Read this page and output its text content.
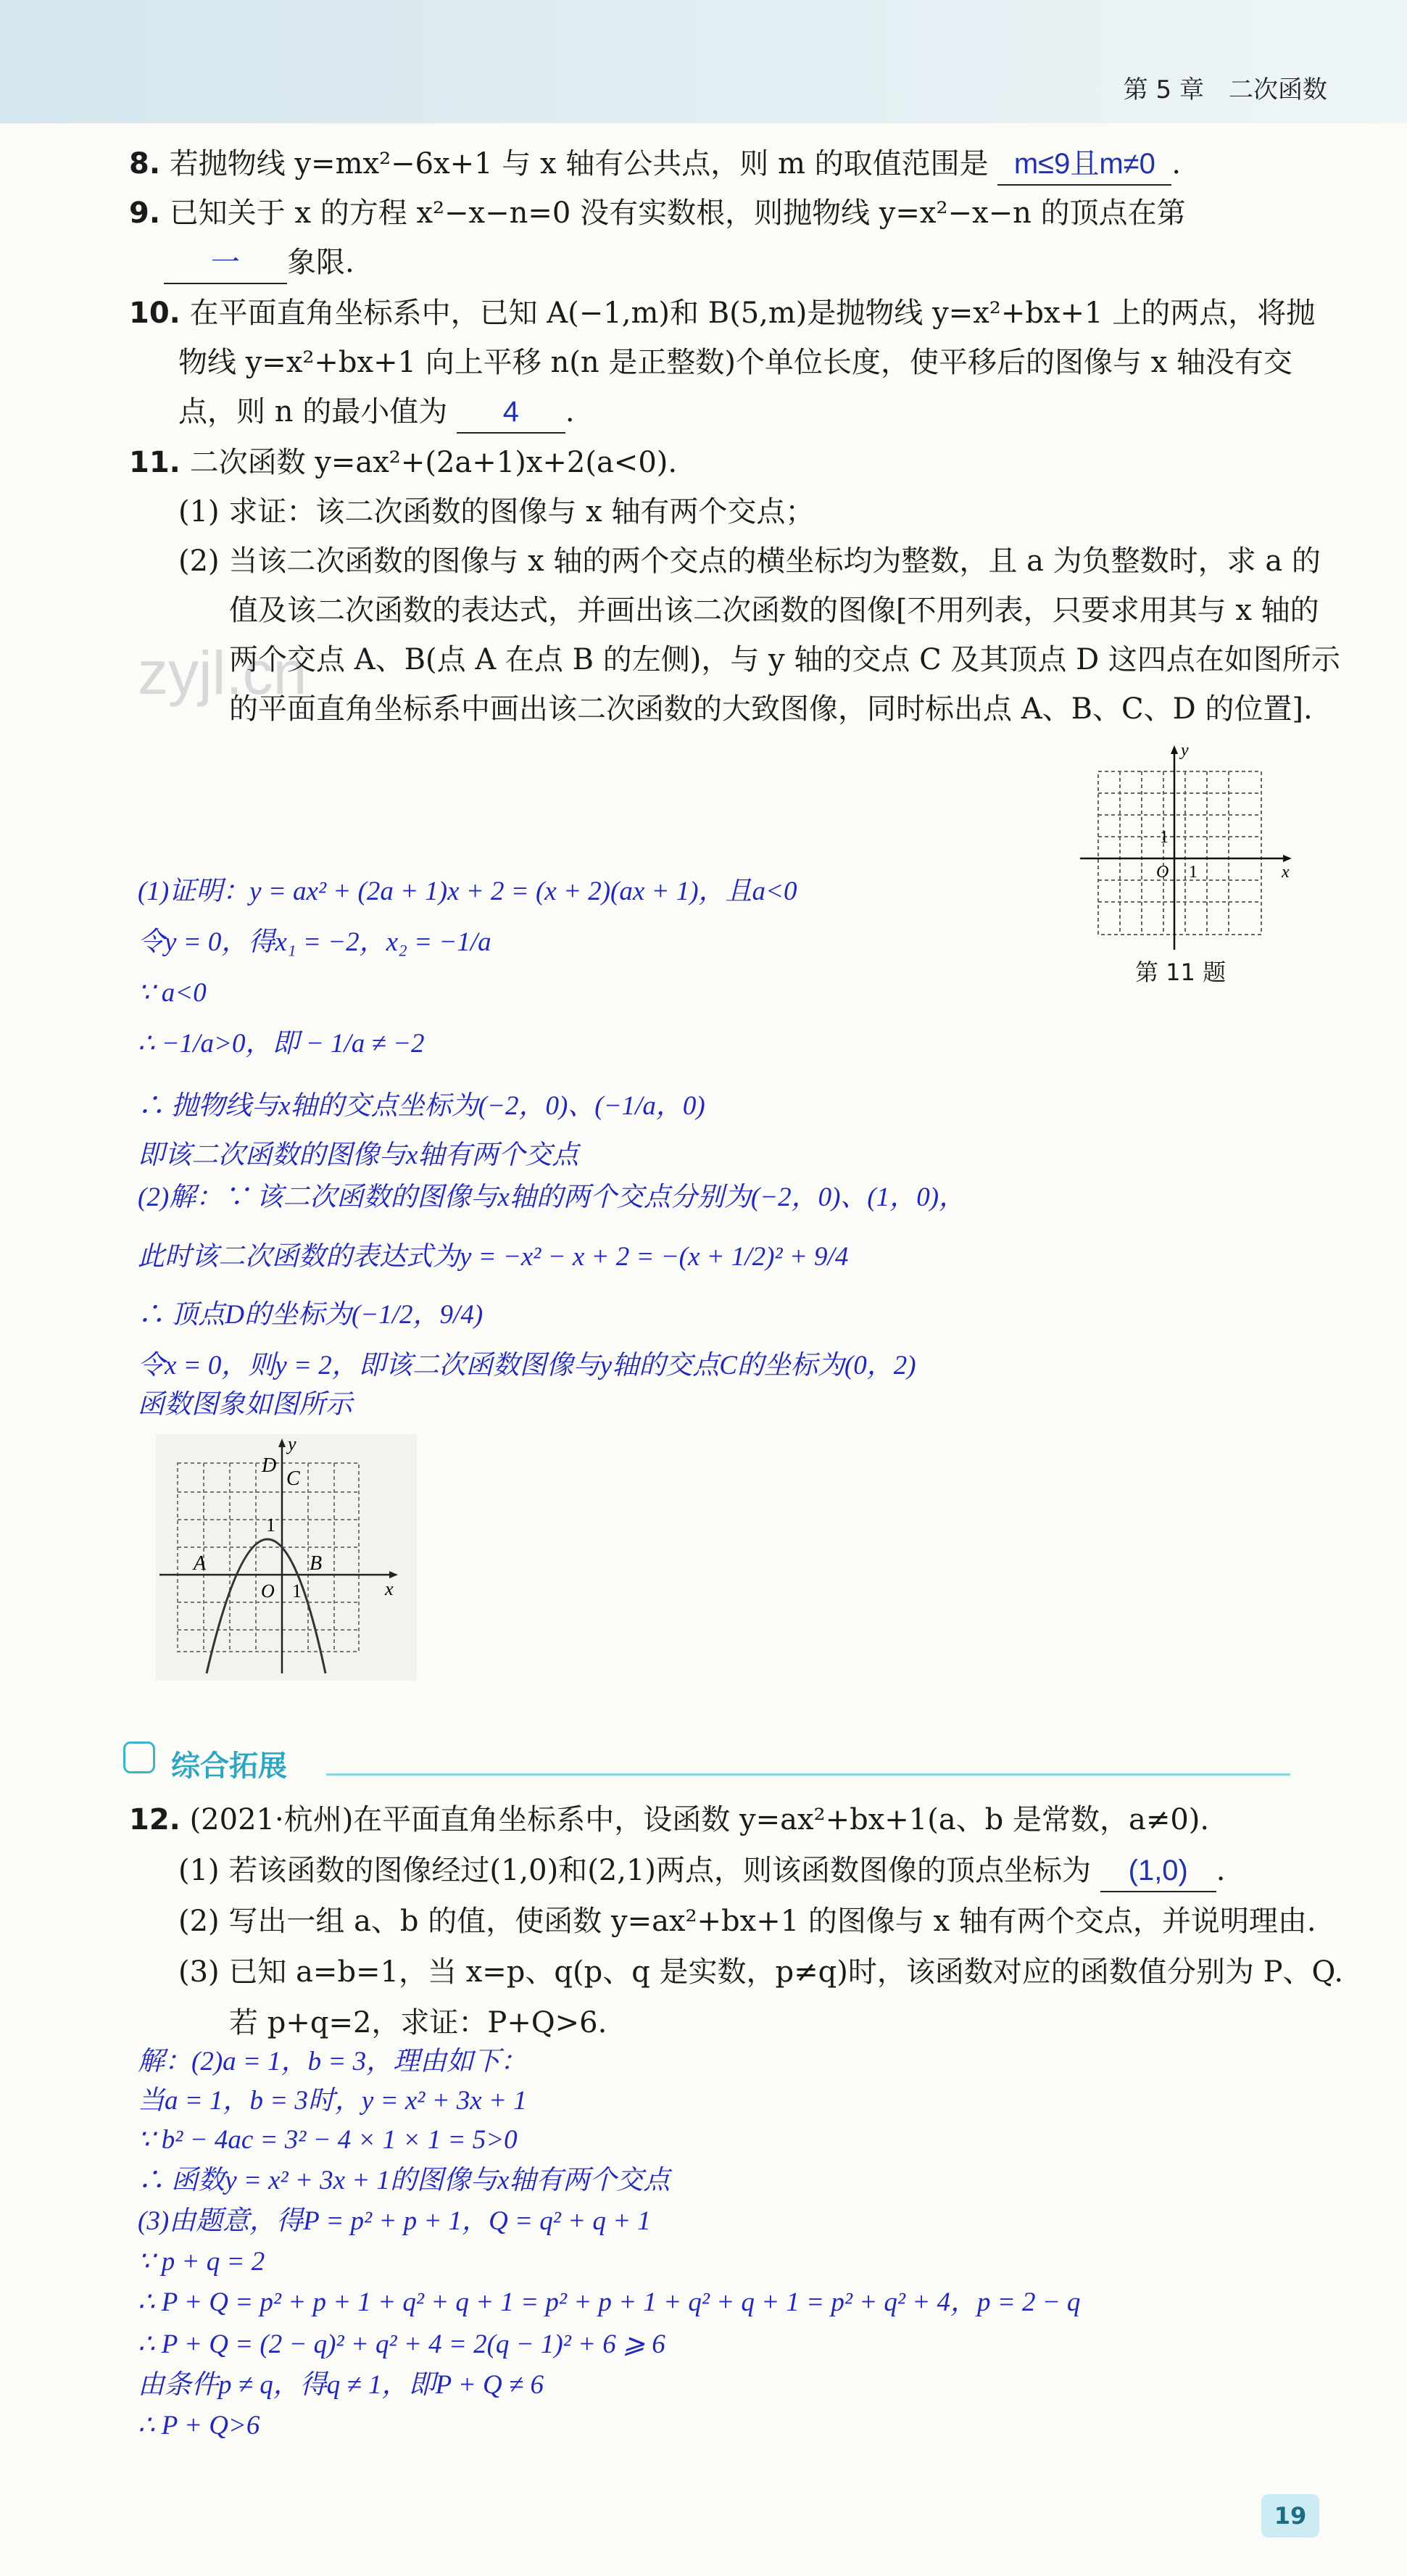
第 5 章　二次函数
zyjl.cn
8. 若抛物线 y=mx²−6x+1 与 x 轴有公共点，则 m 的取值范围是 m≤9且m≠0 .
9. 已知关于 x 的方程 x²−x−n=0 没有实数根，则抛物线 y=x²−x−n 的顶点在第
一 象限.
10. 在平面直角坐标系中，已知 A(−1,m)和 B(5,m)是抛物线 y=x²+bx+1 上的两点，将抛
物线 y=x²+bx+1 向上平移 n(n 是正整数)个单位长度，使平移后的图像与 x 轴没有交
点，则 n 的最小值为 4 .
11. 二次函数 y=ax²+(2a+1)x+2(a<0).
(1) 求证：该二次函数的图像与 x 轴有两个交点；
(2) 当该二次函数的图像与 x 轴的两个交点的横坐标均为整数，且 a 为负整数时，求 a 的
值及该二次函数的表达式，并画出该二次函数的图像[不用列表，只要求用其与 x 轴的
两个交点 A、B(点 A 在点 B 的左侧)，与 y 轴的交点 C 及其顶点 D 这四点在如图所示
的平面直角坐标系中画出该二次函数的大致图像，同时标出点 A、B、C、D 的位置].
y
x
O 1
1
第 11 题
(1)证明：y = ax² + (2a + 1)x + 2 = (x + 2)(ax + 1)，且a<0
令y = 0，得x₁ = −2，x₂ = −1/a
∵ a<0
∴ −1/a>0，即 − 1/a ≠ −2
∴ 抛物线与x轴的交点坐标为(−2，0)、(−1/a，0)
即该二次函数的图像与x轴有两个交点
(2)解：∵ 该二次函数的图像与x轴的两个交点分别为(−2，0)、(1，0)，
此时该二次函数的表达式为y = −x² − x + 2 = −(x + 1/2)² + 9/4
∴ 顶点D的坐标为(−1/2，9/4)
令x = 0，则y = 2，即该二次函数图像与y轴的交点C的坐标为(0，2)
函数图象如图所示
y
x
O
A	B
C
D
1
1
综合拓展
12. (2021·杭州)在平面直角坐标系中，设函数 y=ax²+bx+1(a、b 是常数，a≠0).
(1) 若该函数的图像经过(1,0)和(2,1)两点，则该函数图像的顶点坐标为 (1,0) .
(2) 写出一组 a、b 的值，使函数 y=ax²+bx+1 的图像与 x 轴有两个交点，并说明理由.
(3) 已知 a=b=1，当 x=p、q(p、q 是实数，p≠q)时，该函数对应的函数值分别为 P、Q.
若 p+q=2，求证：P+Q>6.
解：(2)a = 1，b = 3，理由如下：
当a = 1，b = 3时，y = x² + 3x + 1
∵ b² − 4ac = 3² − 4 × 1 × 1 = 5>0
∴ 函数y = x² + 3x + 1的图像与x轴有两个交点
(3)由题意，得P = p² + p + 1，Q = q² + q + 1
∵ p + q = 2
∴ P + Q = p² + p + 1 + q² + q + 1 = p² + p + 1 + q² + q + 1 = p² + q² + 4，p = 2 − q
∴ P + Q = (2 − q)² + q² + 4 = 2(q − 1)² + 6 ⩾ 6
由条件p ≠ q，得q ≠ 1，即P + Q ≠ 6
∴ P + Q>6
19
